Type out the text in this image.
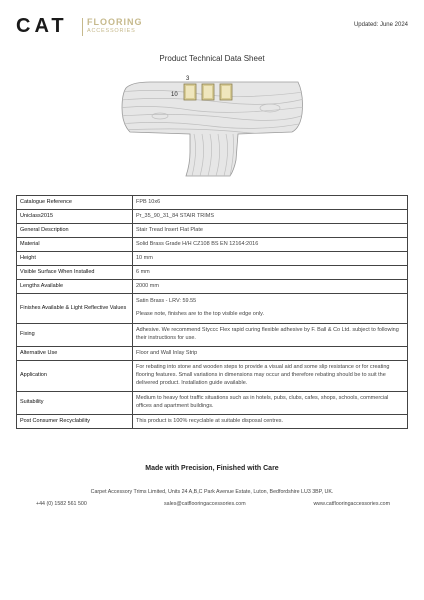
CAT FLOORING
ACCESSORIES
Updated: June 2024
Product Technical Data Sheet
3
10
Catalogue Reference	FPB 10x6
Uniclass2015	Pr_35_90_31_84 STAIR TRIMS
General Description	Stair Tread Insert Flat Plate
Material	Solid Brass Grade H/H CZ108 BS EN 12164:2016
Height	10 mm
Visible Surface When Installed	6 mm
Lengths Available	2000 mm
Finishes Available & Light Reflective Values	Satin Brass - LRV: 59.55
Please note, finishes are to the top visible edge only.

Fixing	Adhesive. We recommend Styccc Flex rapid curing flexible adhesive by F. Ball & Co Ltd. subject to following their instructions for use.
Alternative Use	Floor and Wall Inlay Strip
Application	For rebating into stone and wooden steps to provide a visual aid and some slip resistance or for creating flooring features. Small variations in dimensions may occur and therefore rebating should be to suit the delivered product. Installation guide available.
Suitability	Medium to heavy foot traffic situations such as in hotels, pubs, clubs, cafes, shops, schools, commercial offices and apartment buildings.
Post Consumer Recyclability	This product is 100% recyclable at suitable disposal centres.
Made with Precision, Finished with Care
Carpet Accessory Trims Limited, Units 24 A,B,C Park Avenue Estate, Luton, Bedfordshire LU3 3BP, UK.
+44 (0) 1582 561 500	sales@catflooringaccessories.com	www.catflooringaccessories.com
